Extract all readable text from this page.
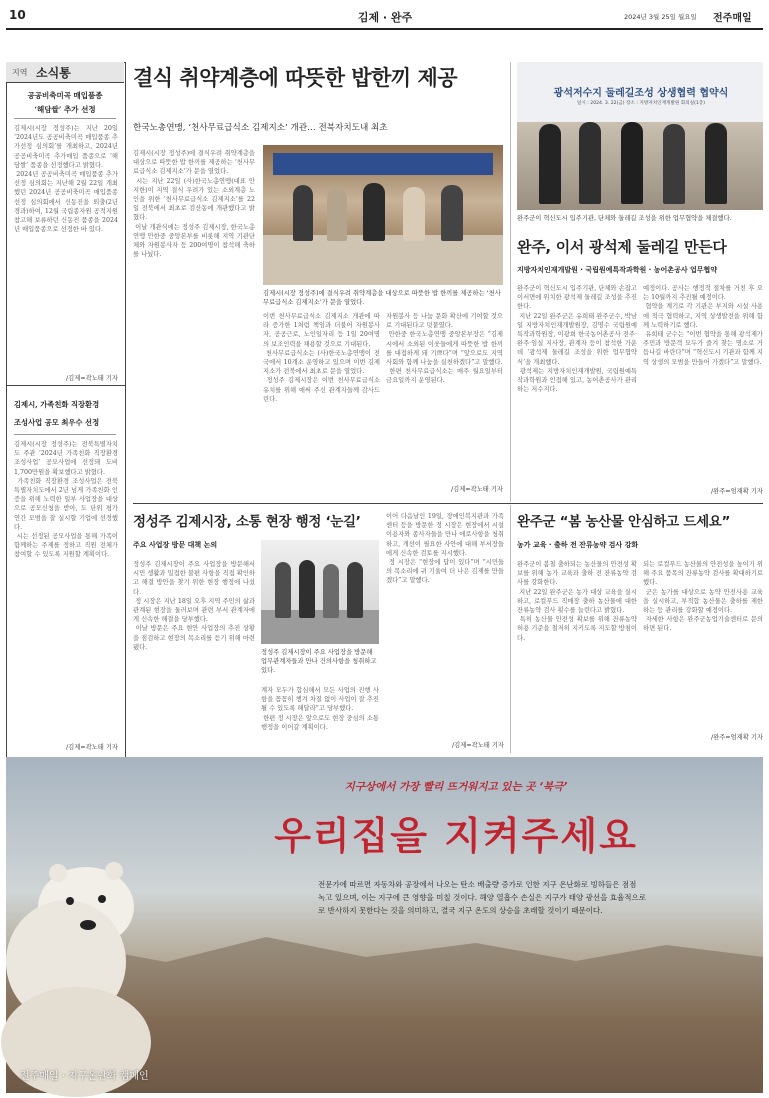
10	김제 · 완주	2024년 3월 25일 월요일 전주매일
지역 소식통
공공비축미곡 매입품종
‘해담쌀’ 추가 선정
김제시(시장 정성주)는 지난 20일 ‘2024년도 공공비축미곡 매입품종 추가선정 심의회’를 개최하고, 2024년 공공비축미곡 추가매입 품종으로 ‘해담쌀’ 품종을 선정했다고 밝혔다.
2024년 공공비축미곡 매입품종 추가선정 심의회는 지난해 2월 22일 개최했던 2024년 공공비축미곡 매입품종 선정 심의회에서 신동진을 퇴출(2년 경과)하여, 12월 국립종자원 공적지원 참고해 보류하던 신동진 품종을 2024년 매입품종으로 선정한 바 있다.
/김제=곽노태 기자
김제시, 가족친화 직장환경
조성사업 공모 최우수 선정
김제시(시장 정성주)는 전북특별자치도 주관 ‘2024년 가족친화 직장환경 조성사업’ 공모사업에 선정돼 도비 1,700만원을 확보했다고 밝혔다.
가족친화 직장환경 조성사업은 전북특별자치도에서 2년 넘게 가족친화 인증을 위해 노력한 일부 사업장을 대상으로 공모신청을 받아, 도 단위 평가 연간 모범을 잘 실시할 기업에 선정했다.
시는 선정된 공모사업을 통해 가족이 함께하는 주제를 정하고 직원 전체가 참여할 수 있도록 지원할 계획이다.
/김제=곽노태 기자
결식 취약계층에 따뜻한 밥한끼 제공
한국노총연맹, ‘천사무료급식소 김제지소’ 개관… 전북자치도내 최초
김제시(시장 정성주)에 결식우려 취약계층을 대상으로 따뜻한 밥 한끼를 제공하는 ‘천사무료급식소 김제지소’가 문을 열었다.
시는 지난 22일 (사)한국노총연맹(대표 안지한)이 지역 결식 우려가 있는 소외계층 노인을 위한 ‘천사무료급식소 김제지소’를 22일 전북에서 최초로 검산동에 개관했다고 밝혔다.
이날 개관식에는 정성주 김제시장, 한국노총연맹 안한중 중앙본부를 비롯해 지역 기관단체와 자원봉사자 등 200여명이 참석해 축하를 나눴다.
김제시(시장 정성주)에 결식우려 취약계층을 대상으로 따뜻한 밥 한끼를 제공하는 ‘천사무료급식소 김제지소’가 문을 열었다.
이번 천사무료급식소 김제지소 개관에 따라 증가한 1처럼 책임과 더불어 자원봉사자, 공공근로, 노인일자리 등 1일 20여명의 보조인력을 채용할 것으로 기대된다.
천사무료급식소는 (사)한국노총연맹이 전국에서 10개소 운영하고 있으며 이번 김제지소가 전북에서 최초로 문을 열었다.
정성주 김제시장은 이번 천사무료급식소 유치를 위해 애써 주신 관계자들께 감사드린다.
자원봉사 등 나눔 문화 확산에 기여할 것으로 기대된다고 덧붙였다.
안한중 한국노총연맹 중앙본부장은 “김제시에서 소외된 이웃들에게 따뜻한 밥 한끼를 대접하게 돼 기쁘다”며 “앞으로도 지역사회와 함께 나눔을 실천하겠다”고 말했다.
한편 천사무료급식소는 매주 월요일부터 금요일까지 운영된다.
/김제=곽노태 기자
광석저수지 둘레길조성 상생협력 협약식
일시 : 2024. 3. 22(금) 장소 : 지방자치인재개발원 회의실(1층)
완주군이 혁신도시 입주기관, 단체와 둘레길 조성을 위한 업무협약을 체결했다.
완주, 이서 광석제 둘레길 만든다
지방자치인재개발원 · 국립원예특작과학원 · 농어촌공사 업무협약
완주군이 혁신도시 입주기관, 단체와 손잡고 이서면에 위치한 광석제 둘레길 조성을 추진한다.
지난 22일 완주군은 유희태 완주군수, 박남일 지방자치인재개발원장, 김명수 국립원예특작과학원장, 이광희 한국농어촌공사 전주·완주·임실 지사장, 관계자 등이 참석한 가운데 ‘광석제 둘레길 조성을 위한 업무협약식’을 개최했다.
광석제는 지방자치인재개발원, 국립원예특작과학원과 인접해 있고, 농어촌공사가 관리하는 저수지다.
예정이다. 공사는 행정적 절차를 거친 후 오는 10월까지 추진될 예정이다.
협약을 계기로 각 기관은 부지와 시설 사용에 적극 협력하고, 지역 상생발전을 위해 함께 노력하기로 했다.
유희태 군수는 “이번 협약을 통해 광석제가 주민과 방문객 모두가 즐겨 찾는 명소로 거듭나길 바란다”며 “혁신도시 기관과 함께 지역 상생의 모범을 만들어 가겠다”고 말했다.
/완주=엄재확 기자
정성주 김제시장, 소통 현장 행정 ‘눈길’
주요 사업장 방문 대책 논의
정성주 김제시장이 주요 사업장을 방문해서 시민 생활과 밀접한 불편 사항을 직접 확인하고 해결 방안을 찾기 위한 현장 행정에 나섰다.
정 시장은 지난 18일 오후 지역 주민의 삶과 관계된 현장을 둘러보며 관련 부서 관계자에게 신속한 해결을 당부했다.
이날 방문은 주요 현안 사업장의 추진 상황을 점검하고 현장의 목소리를 듣기 위해 마련됐다.
정성주 김제시장이 주요 사업장을 방문해 업무관계자들과 만나 건의사항을 청취하고 있다.
계자 모두가 합심해서 모든 사업의 진행 사항을 꼼꼼히 챙겨 차질 없이 사업이 잘 추진될 수 있도록 해달라”고 당부했다.
한편 정 시장은 앞으로도 현장 중심의 소통 행정을 이어갈 계획이다.
이어 다음날인 19일, 장애인복지관과 가족센터 등을 방문한 정 시장은 현장에서 시설 이용자와 종사자들을 만나 애로사항을 청취하고, 개선이 필요한 사안에 대해 부서장들에게 신속한 검토를 지시했다.
정 시장은 “현장에 답이 있다”며 “시민들의 목소리에 귀 기울여 더 나은 김제를 만들겠다”고 말했다.
/김제=곽노태 기자
완주군 “봄 농산물 안심하고 드세요”
농가 교육 · 출하 전 잔류농약 검사 강화
완주군이 봄철 출하되는 농산물의 안전성 확보를 위해 농가 교육과 출하 전 잔류농약 검사를 강화한다.
지난 22일 완주군은 농가 대상 교육을 실시하고, 로컬푸드 직매장 출하 농산물에 대한 잔류농약 검사 횟수를 늘린다고 밝혔다.
특히 농산물 안전성 확보를 위해 잔류농약 허용 기준을 철저히 지키도록 지도할 방침이다.
되는 로컬푸드 농산물의 안전성을 높이기 위해 주요 품목의 잔류농약 검사를 확대하기로 했다.
군은 농가를 대상으로 농약 안전사용 교육을 실시하고, 부적합 농산물은 출하를 제한하는 등 관리를 강화할 예정이다.
자세한 사항은 완주군농업기술센터로 문의하면 된다.
/완주=엄재확 기자
지구상에서 가장 빨리 뜨거워지고 있는 곳 ‘북극’
우리집을 지켜주세요
전문가에 따르면 자동차와 공장에서 나오는 탄소 배출량 증가로 인한 지구 온난화로 빙하들은 점점
녹고 있으며, 이는 지구에 큰 영향을 미칠 것이다. 해양 열흡수 손실은 지구가 태양 광선을 효율적으로
로 반사하지 못한다는 것을 의미하고, 결국 지구 온도의 상승을 초래할 것이기 때문이다.
전주매일 · 지구온난화 캠페인
